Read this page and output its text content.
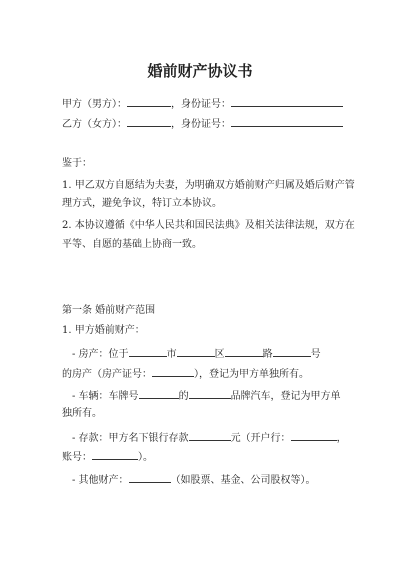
婚前财产协议书
甲方（男方）：	，身份证号：
乙方（女方）：	，身份证号：
鉴于：
1. 甲乙双方自愿结为夫妻，为明确双方婚前财产归属及婚后财产管
理方式，避免争议，特订立本协议。
2. 本协议遵循《中华人民共和国民法典》及相关法律法规，双方在
平等、自愿的基础上协商一致。
第一条 婚前财产范围
1. 甲方婚前财产：
- 房产：位于	市	区	路	号
的房产（房产证号：	），登记为甲方单独所有。
- 车辆：车牌号	的	品牌汽车，登记为甲方单
独所有。
- 存款：甲方名下银行存款	元（开户行：	，
账号：	）。
- 其他财产：	（如股票、基金、公司股权等）。
